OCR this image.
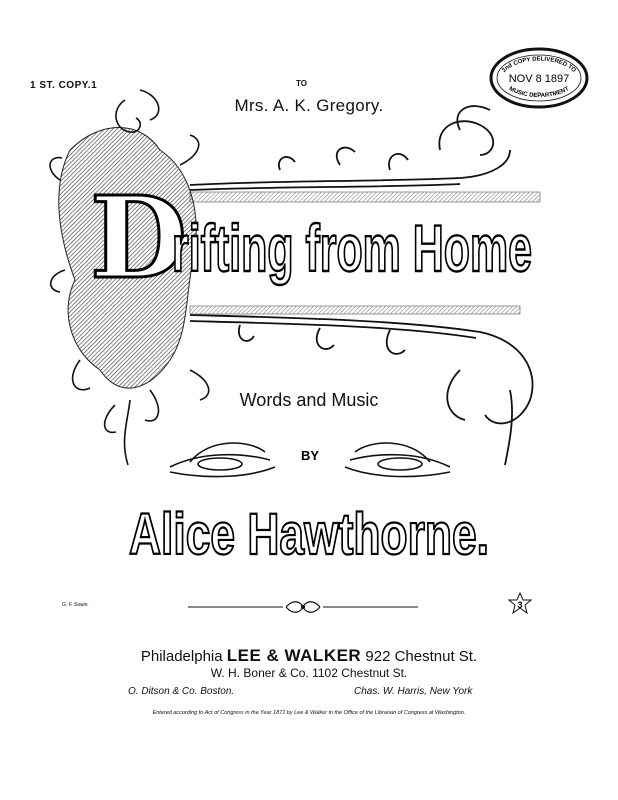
1 ST. COPY.1
2nd COPY DELIVERED TO
NOV 8 1897
MUSIC DEPARTMENT
TO
Mrs. A. K. Gregory.
D
rifting from Home
Words and Music
BY
Alice Hawthorne.
G. F. Swain.	3
Philadelphia LEE & WALKER 922 Chestnut St.
W. H. Boner & Co. 1102 Chestnut St.
O. Ditson & Co. Boston.	Chas. W. Harris, New York
Entered according to Act of Congress in the Year 1871 by Lee & Walker in the Office of the Librarian of Congress at Washington.
